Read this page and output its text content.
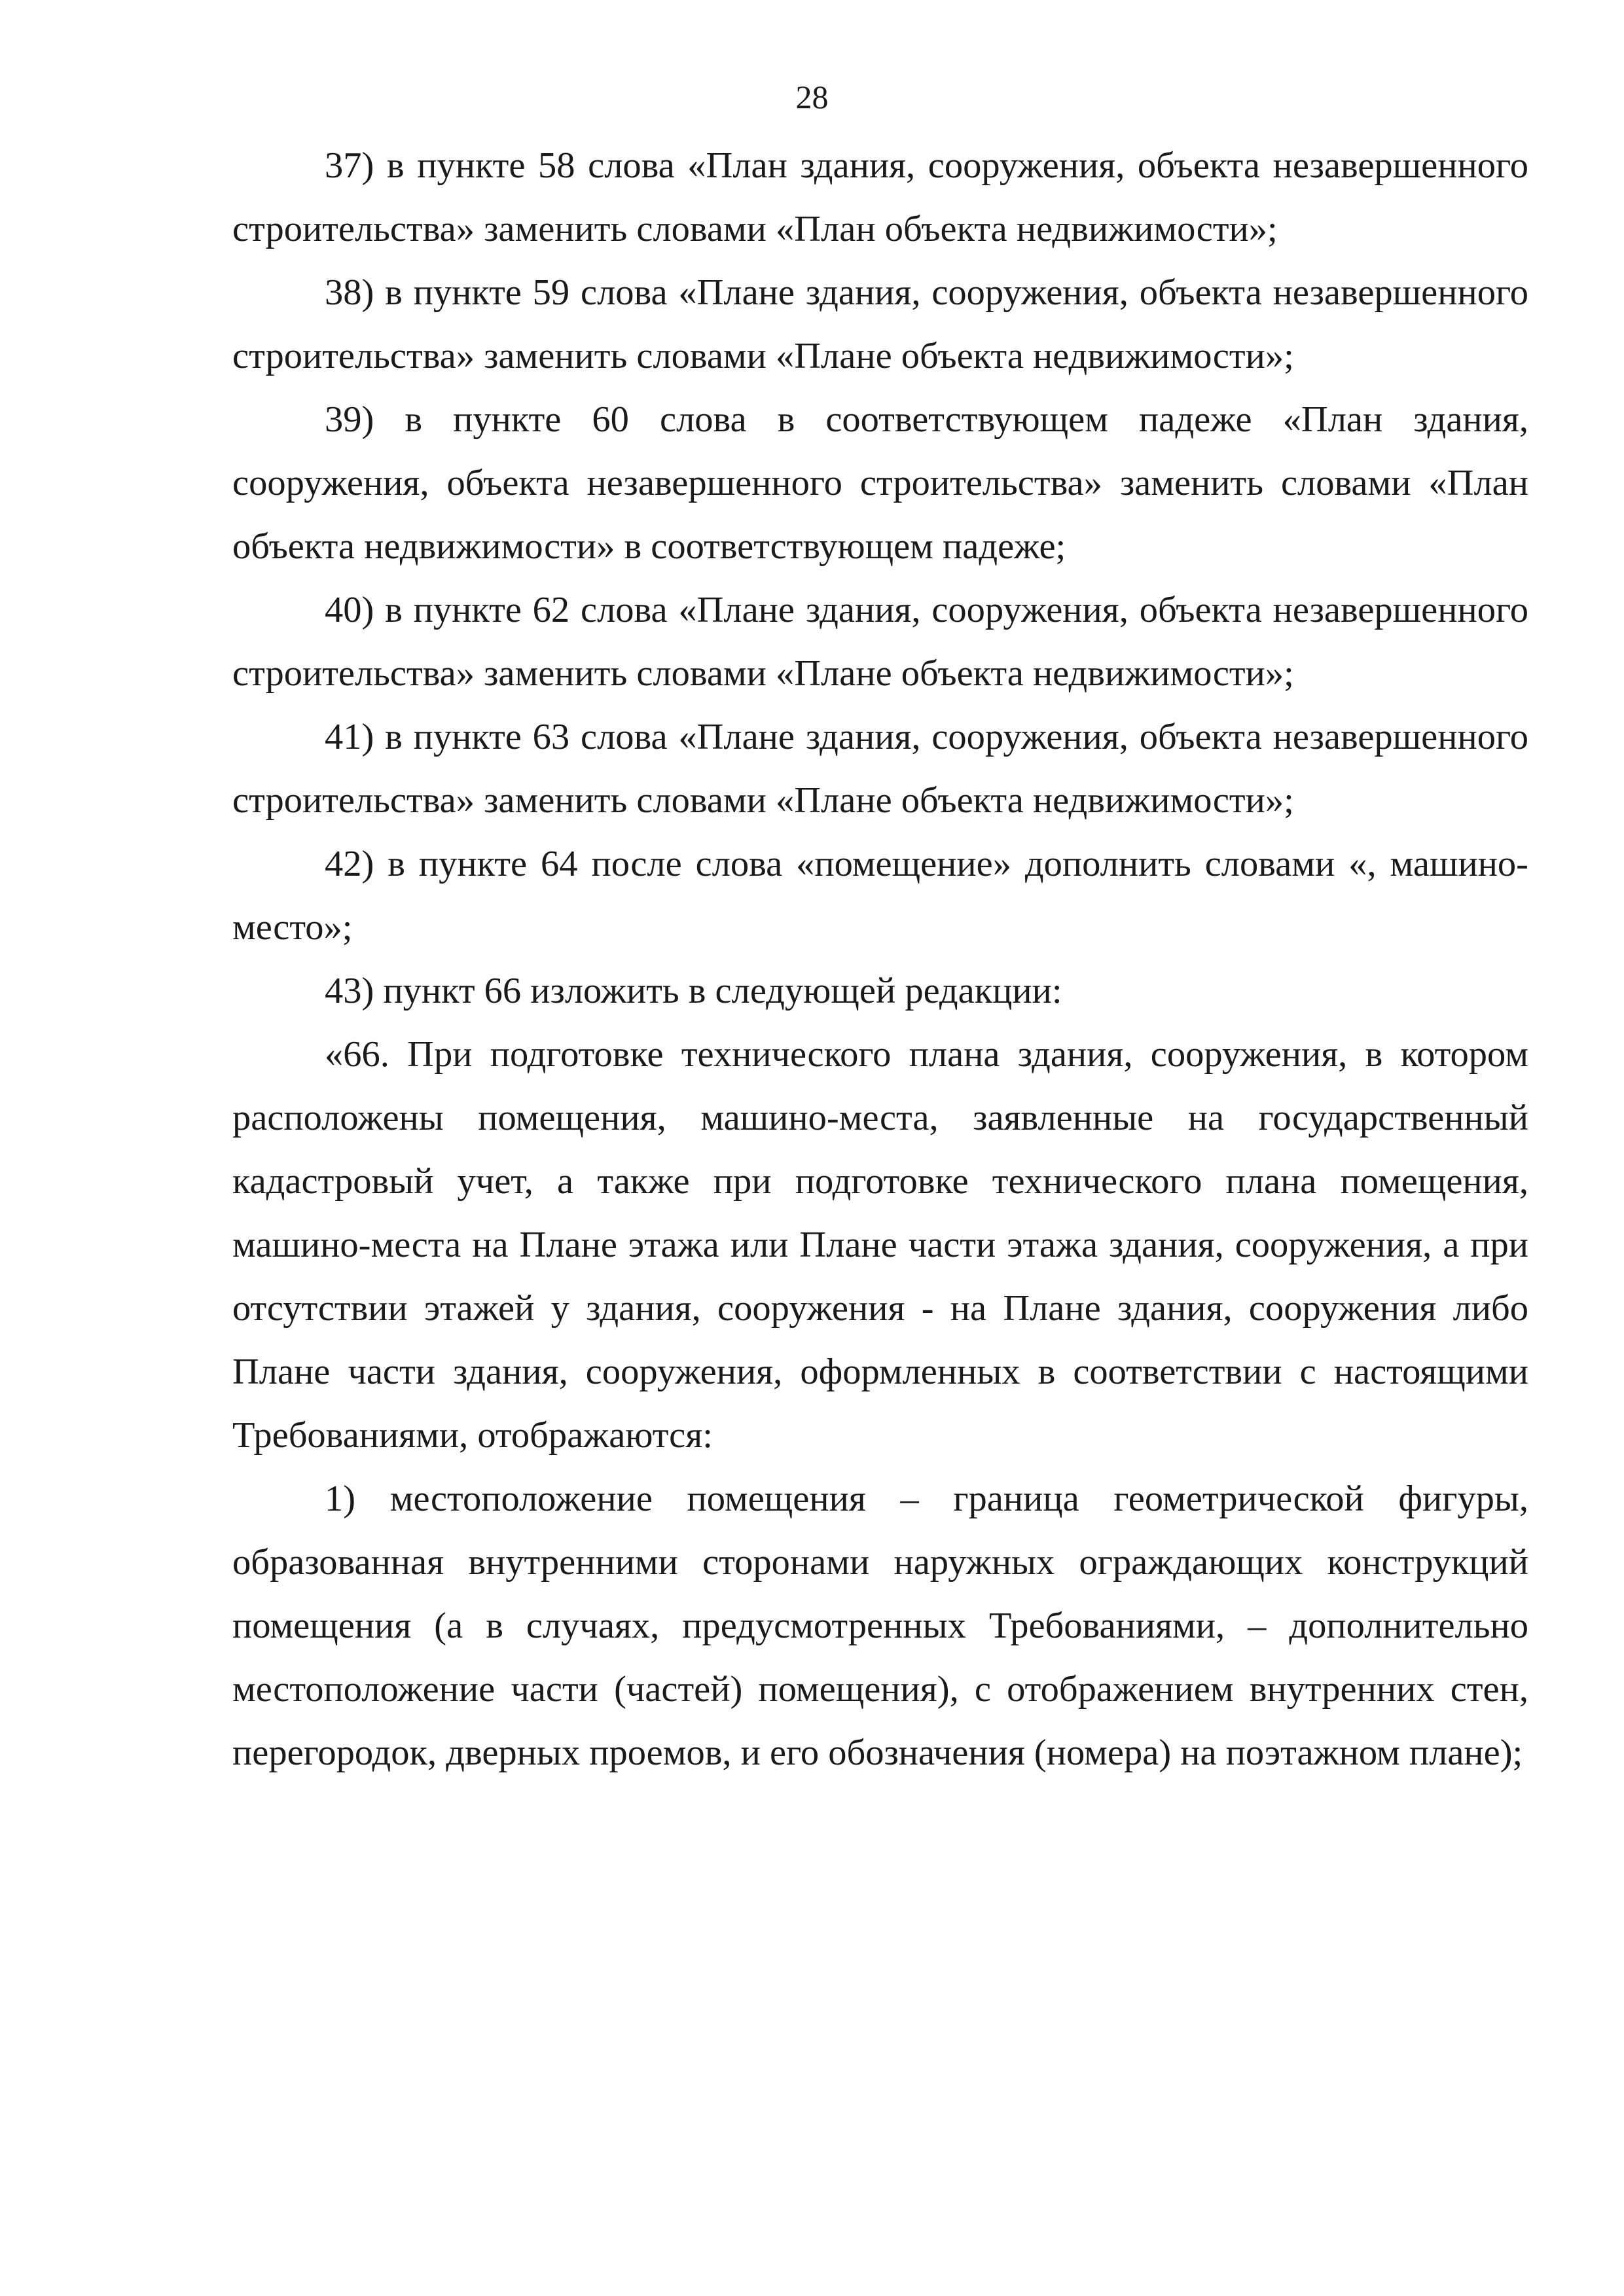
28

37) в пункте 58 слова «План здания, сооружения, объекта незавершенного строительства» заменить словами «План объекта недвижимости»;

38) в пункте 59 слова «Плане здания, сооружения, объекта незавершенного строительства» заменить словами «Плане объекта недвижимости»;

39) в пункте 60 слова в соответствующем падеже «План здания, сооружения, объекта незавершенного строительства» заменить словами «План объекта недвижимости» в соответствующем падеже;

40) в пункте 62 слова «Плане здания, сооружения, объекта незавершенного строительства» заменить словами «Плане объекта недвижимости»;

41) в пункте 63 слова «Плане здания, сооружения, объекта незавершенного строительства» заменить словами «Плане объекта недвижимости»;

42) в пункте 64 после слова «помещение» дополнить словами «, машино-место»;

43) пункт 66 изложить в следующей редакции:

«66. При подготовке технического плана здания, сооружения, в котором расположены помещения, машино-места, заявленные на государственный кадастровый учет, а также при подготовке технического плана помещения, машино-места на Плане этажа или Плане части этажа здания, сооружения, а при отсутствии этажей у здания, сооружения - на Плане здания, сооружения либо Плане части здания, сооружения, оформленных в соответствии с настоящими Требованиями, отображаются:

1) местоположение помещения – граница геометрической фигуры, образованная внутренними сторонами наружных ограждающих конструкций помещения (а в случаях, предусмотренных Требованиями, – дополнительно местоположение части (частей) помещения), с отображением внутренних стен, перегородок, дверных проемов, и его обозначения (номера) на поэтажном плане);
